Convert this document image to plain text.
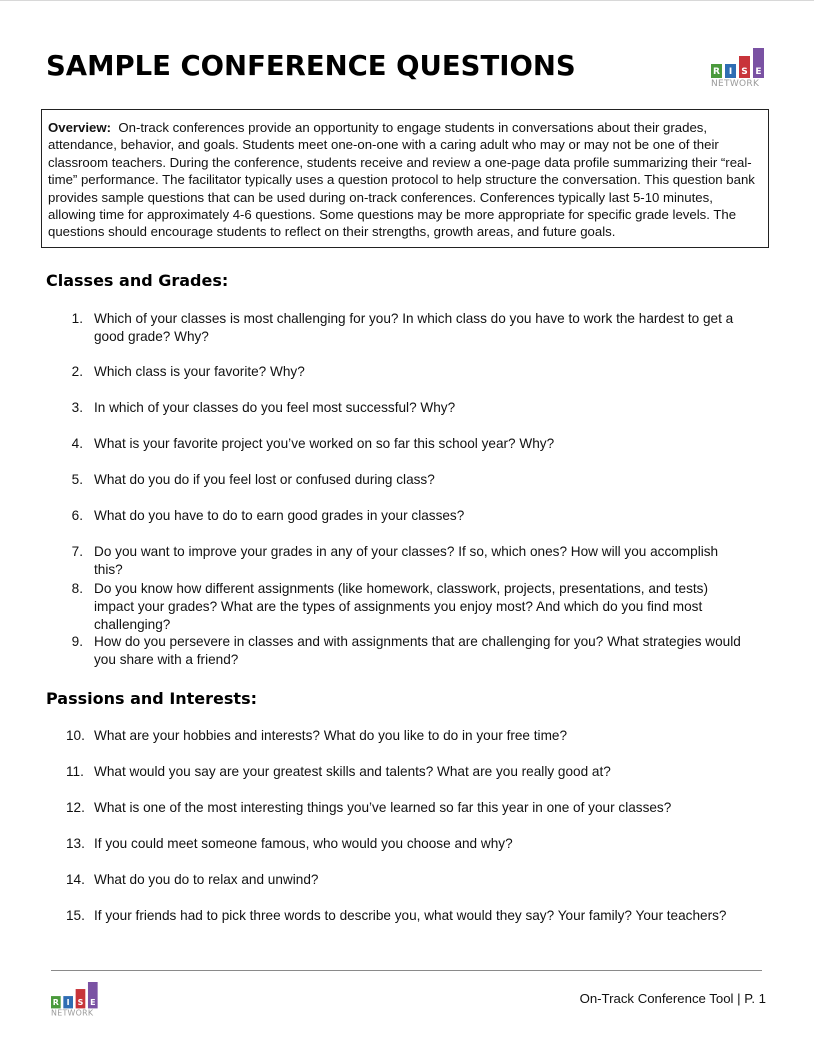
SAMPLE CONFERENCE QUESTIONS	R I	S E
NETWORK
Overview: On-track conferences provide an opportunity to engage students in conversations about their grades, attendance, behavior, and goals. Students meet one-on-one with a caring adult who may or may not be one of their classroom teachers. During the conference, students receive and review a one-page data profile summarizing their “real-time” performance. The facilitator typically uses a question protocol to help structure the conversation. This question bank provides sample questions that can be used during on-track conferences. Conferences typically last 5-10 minutes, allowing time for approximately 4-6 questions. Some questions may be more appropriate for specific grade levels. The questions should encourage students to reflect on their strengths, growth areas, and future goals.
Classes and Grades:
1. Which of your classes is most challenging for you? In which class do you have to work the hardest to get a good grade? Why?
2. Which class is your favorite? Why?
3. In which of your classes do you feel most successful? Why?
4. What is your favorite project you’ve worked on so far this school year? Why?
5. What do you do if you feel lost or confused during class?
6. What do you have to do to earn good grades in your classes?
7. Do you want to improve your grades in any of your classes? If so, which ones? How will you accomplish this?
8. Do you know how different assignments (like homework, classwork, projects, presentations, and tests) impact your grades? What are the types of assignments you enjoy most? And which do you find most challenging?
9. How do you persevere in classes and with assignments that are challenging for you? What strategies would you share with a friend?
Passions and Interests:
10. What are your hobbies and interests? What do you like to do in your free time?
11. What would you say are your greatest skills and talents? What are you really good at?
12. What is one of the most interesting things you’ve learned so far this year in one of your classes?
13. If you could meet someone famous, who would you choose and why?
14. What do you do to relax and unwind?
15. If your friends had to pick three words to describe you, what would they say? Your family? Your teachers?
R I S E
NETWORK
On-Track Conference Tool | P. 1
